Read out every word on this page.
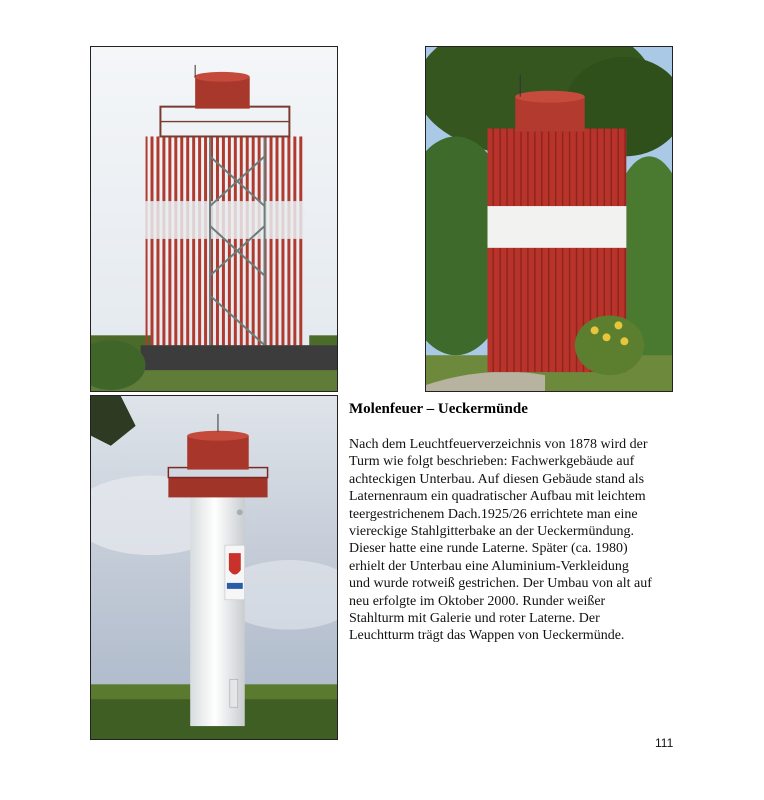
Molenfeuer – Ueckermünde

Nach dem Leuchtfeuerverzeichnis von 1878 wird der
Turm wie folgt beschrieben: Fachwerkgebäude auf
achteckigen Unterbau. Auf diesen Gebäude stand als
Laternenraum ein quadratischer Aufbau mit leichtem
teergestrichenem Dach.1925/26 errichtete man eine
viereckige Stahlgitterbake an der Ueckermündung.
Dieser hatte eine runde Laterne. Später (ca. 1980)
erhielt der Unterbau eine Aluminium-Verkleidung
und wurde rotweiß gestrichen. Der Umbau von alt auf
neu erfolgte im Oktober 2000. Runder weißer
Stahlturm mit Galerie und roter Laterne. Der
Leuchtturm trägt das Wappen von Ueckermünde.

111
